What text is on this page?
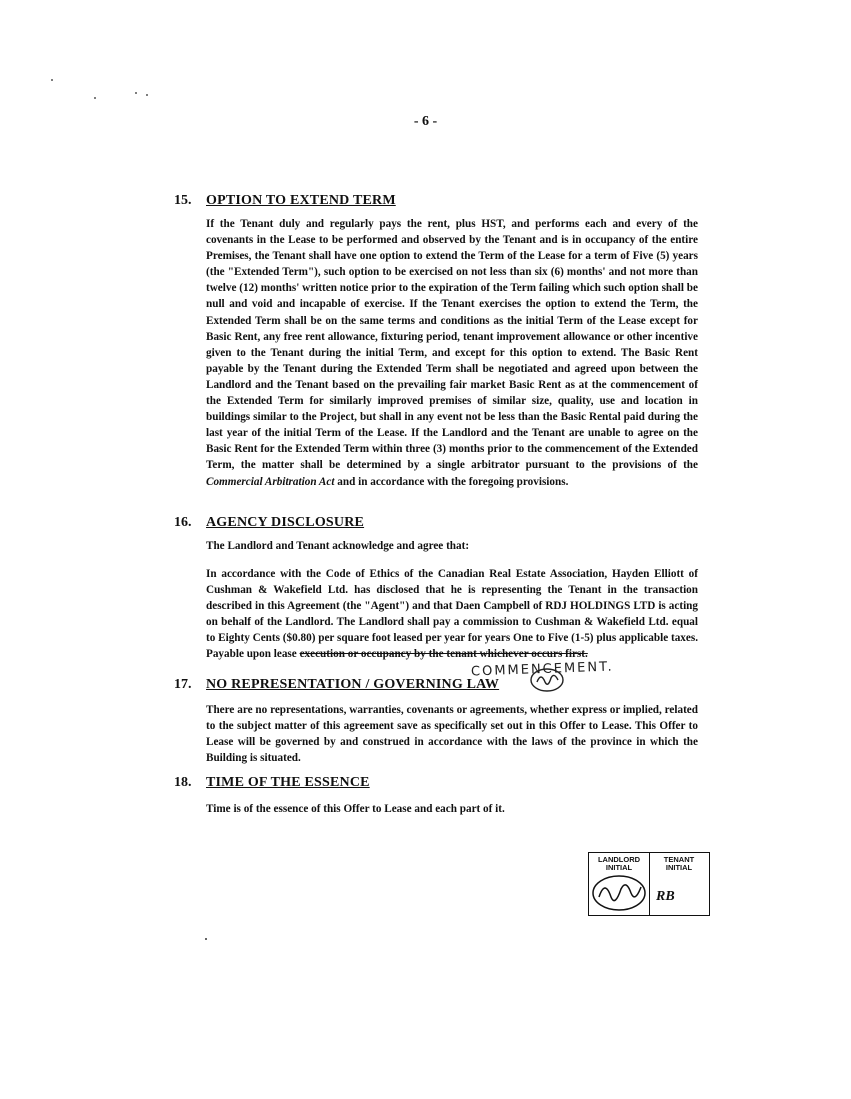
- 6 -
15. OPTION TO EXTEND TERM
If the Tenant duly and regularly pays the rent, plus HST, and performs each and every of the covenants in the Lease to be performed and observed by the Tenant and is in occupancy of the entire Premises, the Tenant shall have one option to extend the Term of the Lease for a term of Five (5) years (the "Extended Term"), such option to be exercised on not less than six (6) months' and not more than twelve (12) months' written notice prior to the expiration of the Term failing which such option shall be null and void and incapable of exercise. If the Tenant exercises the option to extend the Term, the Extended Term shall be on the same terms and conditions as the initial Term of the Lease except for Basic Rent, any free rent allowance, fixturing period, tenant improvement allowance or other incentive given to the Tenant during the initial Term, and except for this option to extend. The Basic Rent payable by the Tenant during the Extended Term shall be negotiated and agreed upon between the Landlord and the Tenant based on the prevailing fair market Basic Rent as at the commencement of the Extended Term for similarly improved premises of similar size, quality, use and location in buildings similar to the Project, but shall in any event not be less than the Basic Rental paid during the last year of the initial Term of the Lease. If the Landlord and the Tenant are unable to agree on the Basic Rent for the Extended Term within three (3) months prior to the commencement of the Extended Term, the matter shall be determined by a single arbitrator pursuant to the provisions of the Commercial Arbitration Act and in accordance with the foregoing provisions.
16. AGENCY DISCLOSURE
The Landlord and Tenant acknowledge and agree that:
In accordance with the Code of Ethics of the Canadian Real Estate Association, Hayden Elliott of Cushman & Wakefield Ltd. has disclosed that he is representing the Tenant in the transaction described in this Agreement (the "Agent") and that Daen Campbell of RDJ HOLDINGS LTD is acting on behalf of the Landlord. The Landlord shall pay a commission to Cushman & Wakefield Ltd. equal to Eighty Cents ($0.80) per square foot leased per year for years One to Five (1-5) plus applicable taxes. Payable upon lease execution or occupancy by the tenant whichever occurs first.
COMMENCEMENT.
17. NO REPRESENTATION / GOVERNING LAW
There are no representations, warranties, covenants or agreements, whether express or implied, related to the subject matter of this agreement save as specifically set out in this Offer to Lease. This Offer to Lease will be governed by and construed in accordance with the laws of the province in which the Building is situated.
18. TIME OF THE ESSENCE
Time is of the essence of this Offer to Lease and each part of it.
LANDLORD INITIAL
TENANT INITIAL
RB
